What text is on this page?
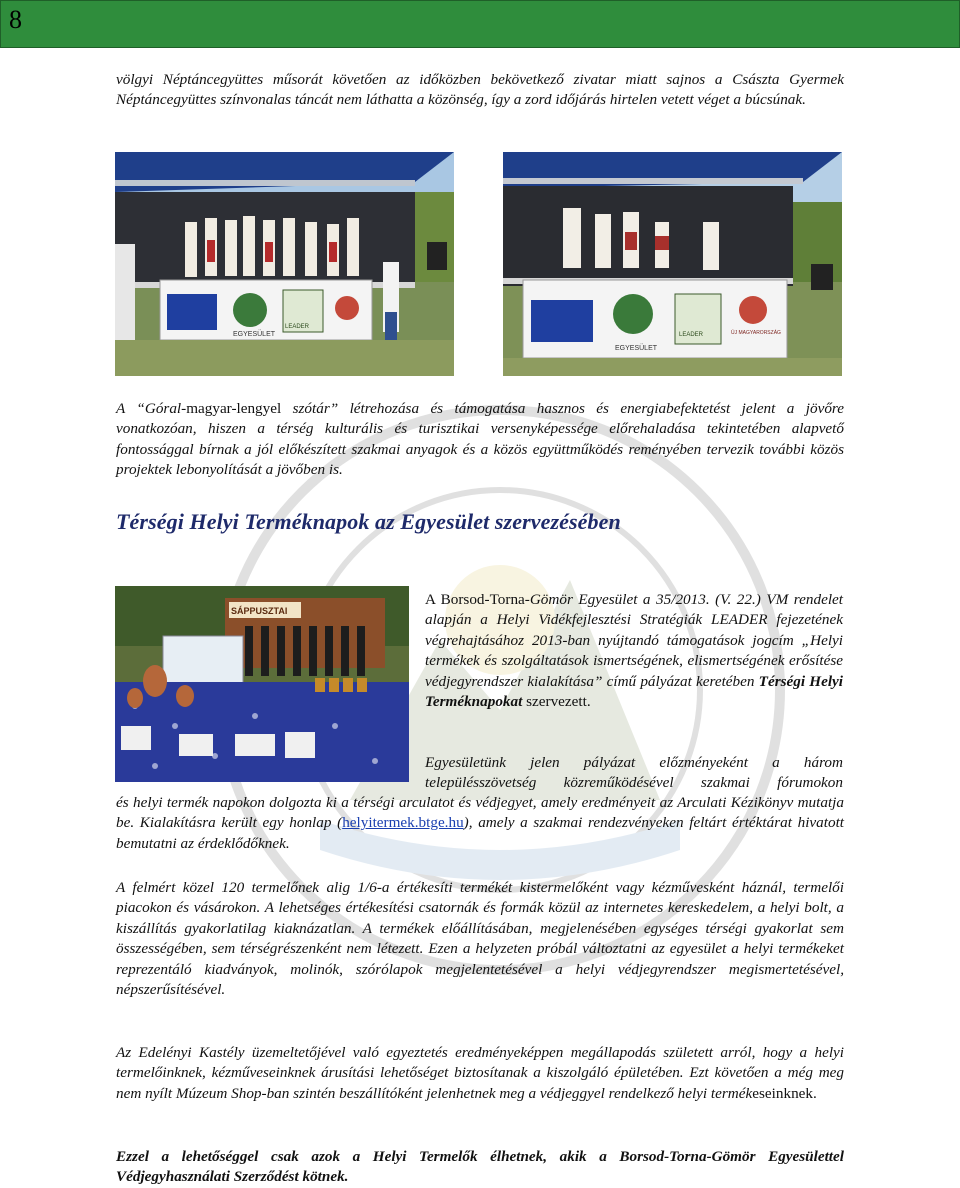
8

völgyi Néptáncegyüttes műsorát követően az időközben bekövetkező zivatar miatt sajnos a Császta Gyermek Néptáncegyüttes színvonalas táncát nem láthatta a közönség, így a zord időjárás hirtelen vetett véget a búcsúnak.

EGYESÜLET
LEADER
EGYESÜLET
LEADER	ÚJ MAGYARORSZÁG

A “Góral-magyar-lengyel szótár” létrehozása és támogatása hasznos és energiabefektetést jelent a jövőre vonatkozóan, hiszen a térség kulturális és turisztikai versenyképessége előrehaladása tekintetében alapvető fontossággal bírnak a jól előkészített szakmai anyagok és a közös együttműködés reményében tervezik további közös projektek lebonyolítását a jövőben is.

Térségi Helyi Terméknapok az Egyesület szervezésében
SÁPPUSZTAI

A Borsod-Torna-Gömör Egyesület a 35/2013. (V. 22.) VM rendelet alapján a Helyi Vidékfejlesztési Stratégiák LEADER fejezetének végrehajtásához 2013-ban nyújtandó támogatások jogcím „Helyi termékek és szolgáltatások ismertségének, elismertségének erősítése védjegyrendszer kialakítása” című pályázat keretében Térségi Helyi Terméknapokat szervezett.

Egyesületünk jelen pályázat előzményeként a három településszövetség közreműködésével szakmai fórumokon

és helyi termék napokon dolgozta ki a térségi arculatot és védjegyet, amely eredményeit az Arculati Kézikönyv mutatja be. Kialakításra került egy honlap (helyitermek.btge.hu), amely a szakmai rendezvényeken feltárt értéktárat hivatott bemutatni az érdeklődőknek.

A felmért közel 120 termelőnek alig 1/6-a értékesíti termékét kistermelőként vagy kézművesként háznál, termelői piacokon és vásárokon. A lehetséges értékesítési csatornák és formák közül az internetes kereskedelem, a helyi bolt, a kiszállítás gyakorlatilag kiaknázatlan. A termékek előállításában, megjelenésében egységes térségi gyakorlat sem összességében, sem térségrészenként nem létezett. Ezen a helyzeten próbál változtatni az egyesület a helyi termékeket reprezentáló kiadványok, molinók, szórólapok megjelentetésével a helyi védjegyrendszer megismertetésével, népszerűsítésével.

Az Edelényi Kastély üzemeltetőjével való egyeztetés eredményeképpen megállapodás született arról, hogy a helyi termelőinknek, kézműveseinknek árusítási lehetőséget biztosítanak a kiszolgáló épületében. Ezt követően a még meg nem nyílt Múzeum Shop-ban szintén beszállítóként jelenhetnek meg a védjeggyel rendelkező helyi termékeseinknek.

Ezzel a lehetőséggel csak azok a Helyi Termelők élhetnek, akik a Borsod-Torna-Gömör Egyesülettel Védjegyhasználati Szerződést kötnek.
